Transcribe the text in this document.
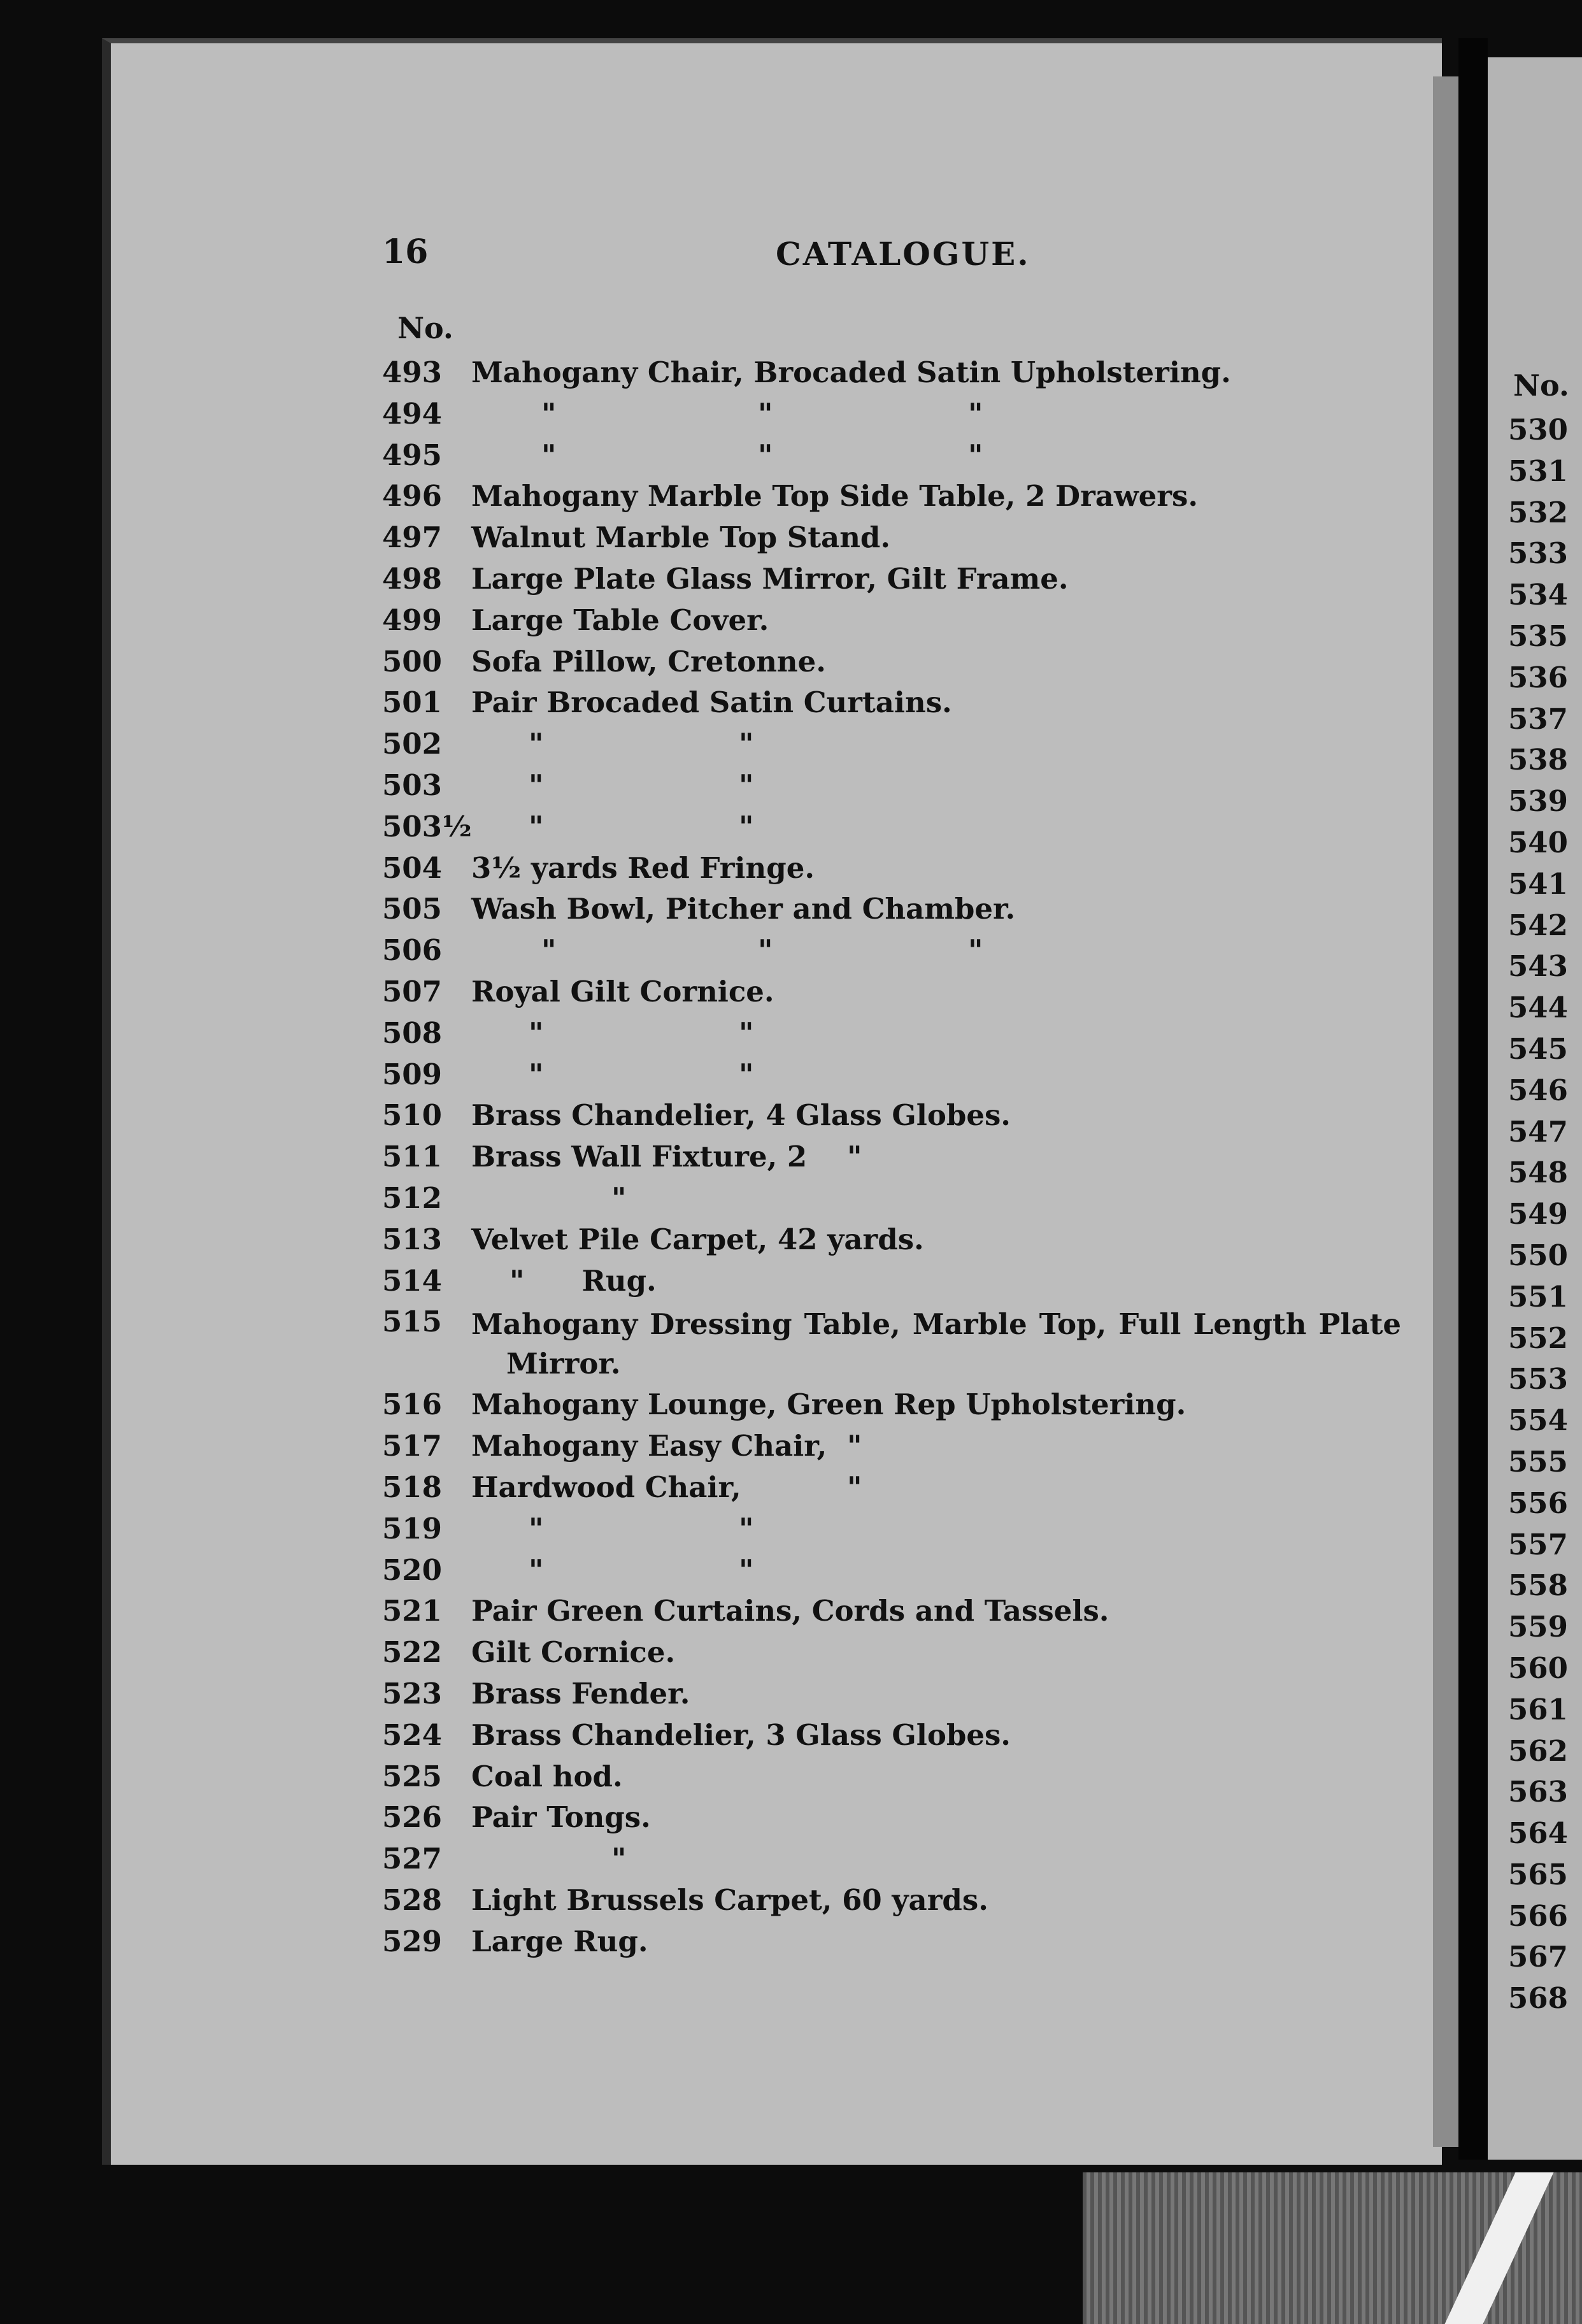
No.
530
531
532
533
534
535
536
537
538
539
540
541
542
543
544
545
546
547
548
549
550
551
552
553
554
555
556
557
558
559
560
561
562
563
564
565
566
567
568
16	CATALOGUE.
No.
493	Mahogany Chair, Brocaded Satin Upholstering.
494	"	"	"
495	"	"	"
496	Mahogany Marble Top Side Table, 2 Drawers.
497	Walnut Marble Top Stand.
498	Large Plate Glass Mirror, Gilt Frame.
499	Large Table Cover.
500	Sofa Pillow, Cretonne.
501	Pair Brocaded Satin Curtains.
502	"	"
503	"	"
503½ "	"
504	3½ yards Red Fringe.
505	Wash Bowl, Pitcher and Chamber.
506	"	"	"
507	Royal Gilt Cornice.
508	"	"
509	"	"
510	Brass Chandelier, 4 Glass Globes.
511	Brass Wall Fixture, 2 "
512	"
513	Velvet Pile Carpet, 42 yards.
514	" Rug.
515	Mahogany Dressing Table, Marble Top, Full Length Plate
Mirror.
516	Mahogany Lounge, Green Rep Upholstering.
517	Mahogany Easy Chair, "
518	Hardwood Chair,	"
519	"	"
520	"	"
521	Pair Green Curtains, Cords and Tassels.
522	Gilt Cornice.
523	Brass Fender.
524	Brass Chandelier, 3 Glass Globes.
525	Coal hod.
526	Pair Tongs.
527	"
528	Light Brussels Carpet, 60 yards.
529	Large Rug.
